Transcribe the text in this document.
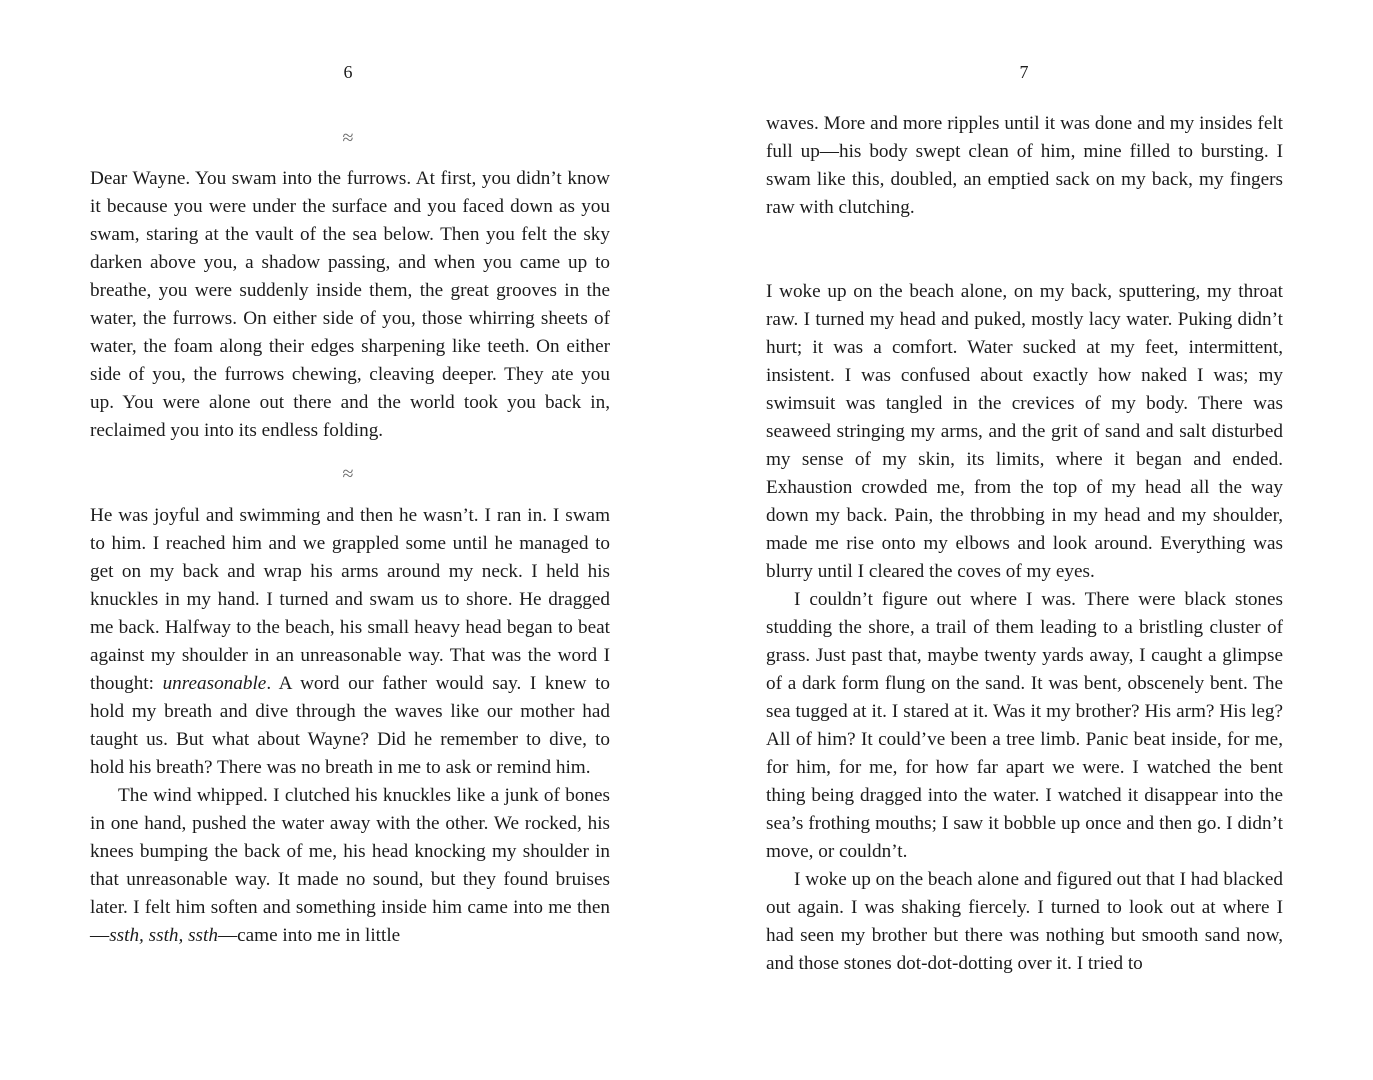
6
≈

Dear Wayne. You swam into the furrows. At first, you didn’t know it because you were under the surface and you faced down as you swam, staring at the vault of the sea below. Then you felt the sky darken above you, a shadow passing, and when you came up to breathe, you were suddenly inside them, the great grooves in the water, the furrows. On either side of you, those whirring sheets of water, the foam along their edges sharpening like teeth. On either side of you, the furrows chewing, cleaving deeper. They ate you up. You were alone out there and the world took you back in, reclaimed you into its endless folding.

≈

He was joyful and swimming and then he wasn’t. I ran in. I swam to him. I reached him and we grappled some until he managed to get on my back and wrap his arms around my neck. I held his knuckles in my hand. I turned and swam us to shore. He dragged me back. Halfway to the beach, his small heavy head began to beat against my shoulder in an unreasonable way. That was the word I thought: unreasonable. A word our father would say. I knew to hold my breath and dive through the waves like our mother had taught us. But what about Wayne? Did he remember to dive, to hold his breath? There was no breath in me to ask or remind him.

The wind whipped. I clutched his knuckles like a junk of bones in one hand, pushed the water away with the other. We rocked, his knees bumping the back of me, his head knocking my shoulder in that unreasonable way. It made no sound, but they found bruises later. I felt him soften and something inside him came into me then—ssth, ssth, ssth—came into me in little

7

waves. More and more ripples until it was done and my insides felt full up—his body swept clean of him, mine filled to bursting. I swam like this, doubled, an emptied sack on my back, my fingers raw with clutching.

I woke up on the beach alone, on my back, sputtering, my throat raw. I turned my head and puked, mostly lacy water. Puking didn’t hurt; it was a comfort. Water sucked at my feet, intermittent, insistent. I was confused about exactly how naked I was; my swimsuit was tangled in the crevices of my body. There was seaweed stringing my arms, and the grit of sand and salt disturbed my sense of my skin, its limits, where it began and ended. Exhaustion crowded me, from the top of my head all the way down my back. Pain, the throbbing in my head and my shoulder, made me rise onto my elbows and look around. Everything was blurry until I cleared the coves of my eyes.

I couldn’t figure out where I was. There were black stones studding the shore, a trail of them leading to a bristling cluster of grass. Just past that, maybe twenty yards away, I caught a glimpse of a dark form flung on the sand. It was bent, obscenely bent. The sea tugged at it. I stared at it. Was it my brother? His arm? His leg? All of him? It could’ve been a tree limb. Panic beat inside, for me, for him, for me, for how far apart we were. I watched the bent thing being dragged into the water. I watched it disappear into the sea’s frothing mouths; I saw it bobble up once and then go. I didn’t move, or couldn’t.

I woke up on the beach alone and figured out that I had blacked out again. I was shaking fiercely. I turned to look out at where I had seen my brother but there was nothing but smooth sand now, and those stones dot-dot-dotting over it. I tried to
